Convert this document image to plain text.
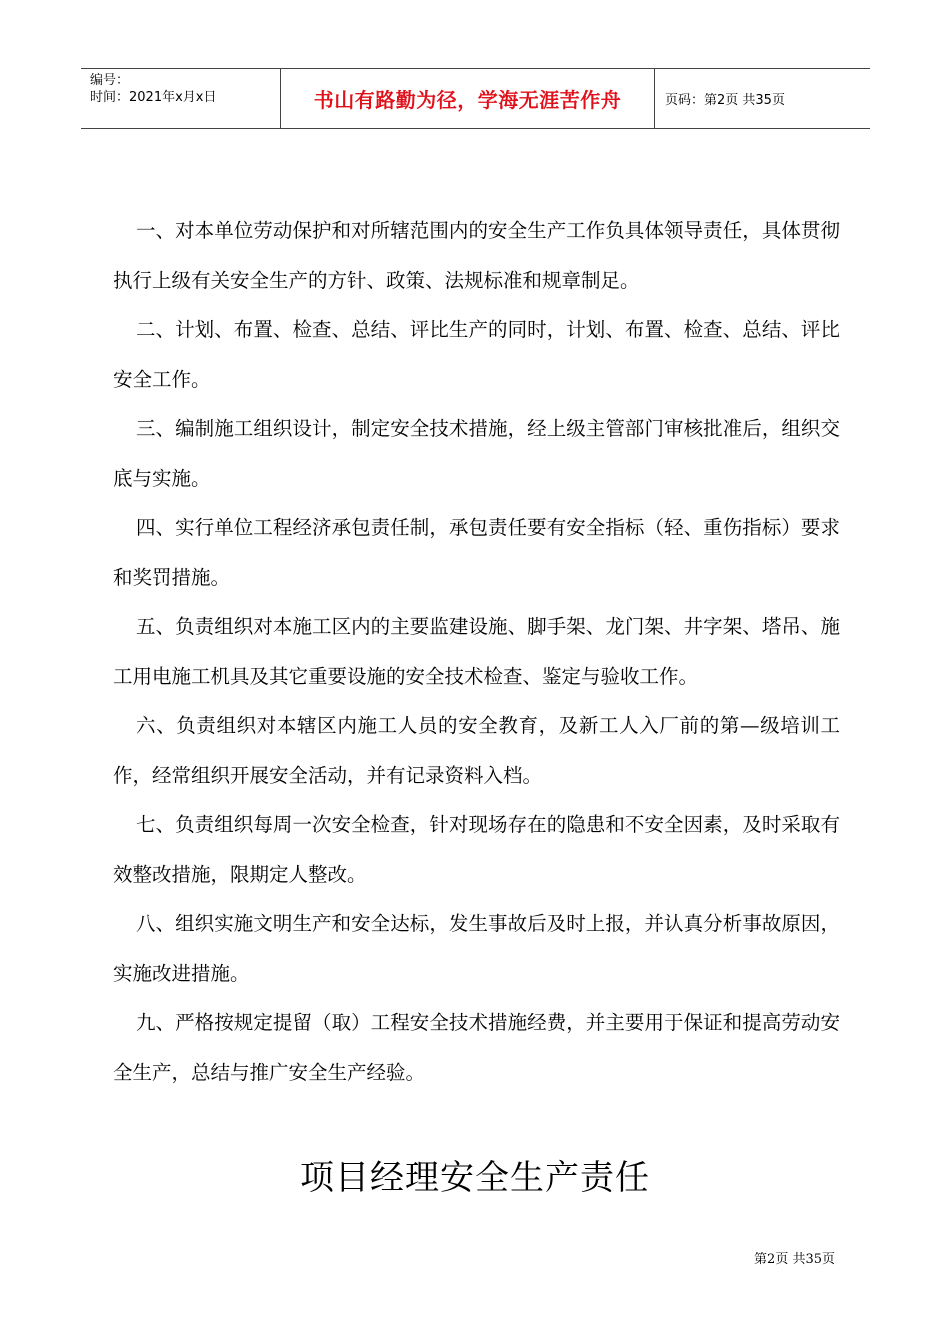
编号：
时间：2021年x月x日	书山有路勤为径，学海无涯苦作舟	页码：第2页 共35页

一、对本单位劳动保护和对所辖范围内的安全生产工作负具体领导责任，具体贯彻执行上级有关安全生产的方针、政策、法规标准和规章制足。

二、计划、布置、检查、总结、评比生产的同时，计划、布置、检查、总结、评比安全工作。

三、编制施工组织设计，制定安全技术措施，经上级主管部门审核批准后，组织交底与实施。

四、实行单位工程经济承包责任制，承包责任要有安全指标（轻、重伤指标）要求和奖罚措施。

五、负责组织对本施工区内的主要监建设施、脚手架、龙门架、井字架、塔吊、施工用电施工机具及其它重要设施的安全技术检查、鉴定与验收工作。

六、负责组织对本辖区内施工人员的安全教育，及新工人入厂前的第—级培训工作，经常组织开展安全活动，并有记录资料入档。

七、负责组织每周一次安全检查，针对现场存在的隐患和不安全因素，及时采取有效整改措施，限期定人整改。

八、组织实施文明生产和安全达标，发生事故后及时上报，并认真分析事故原因，实施改进措施。

九、严格按规定提留（取）工程安全技术措施经费，并主要用于保证和提高劳动安全生产，总结与推广安全生产经验。

项目经理安全生产责任
第2页 共35页
